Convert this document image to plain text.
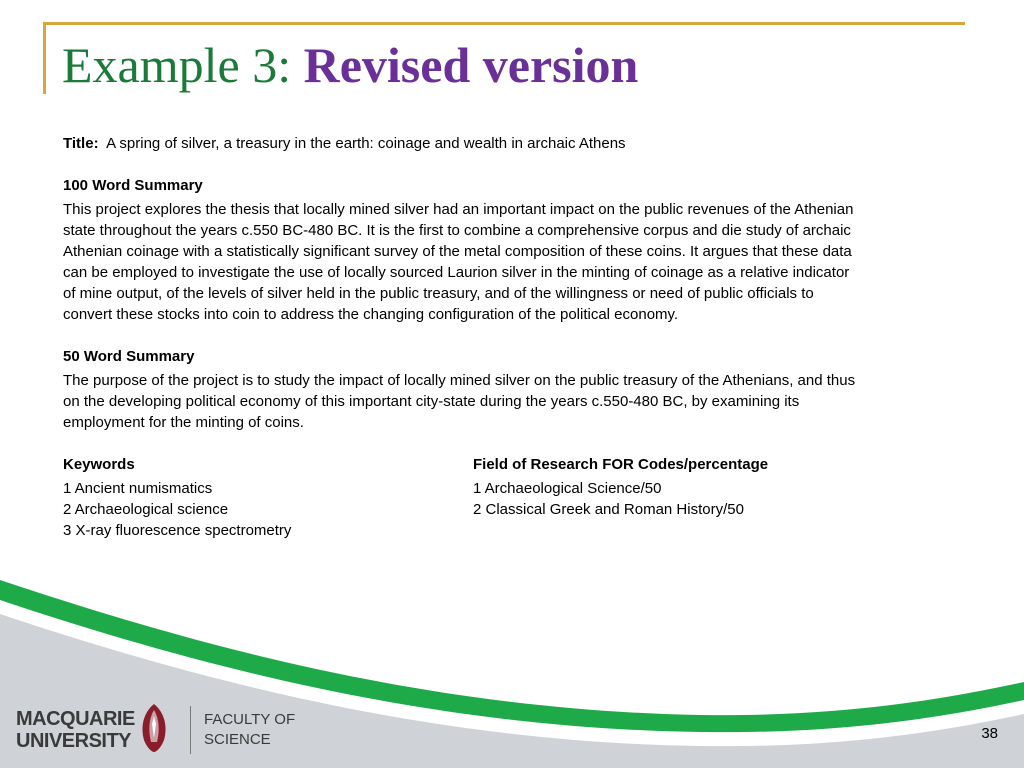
Example 3: Revised version

Title: A spring of silver, a treasury in the earth: coinage and wealth in archaic Athens

100 Word Summary

This project explores the thesis that locally mined silver had an important impact on the public revenues of the Athenian

state throughout the years c.550 BC-480 BC. It is the first to combine a comprehensive corpus and die study of archaic

Athenian coinage with a statistically significant survey of the metal composition of these coins. It argues that these data

can be employed to investigate the use of locally sourced Laurion silver in the minting of coinage as a relative indicator

of mine output, of the levels of silver held in the public treasury, and of the willingness or need of public officials to

convert these stocks into coin to address the changing configuration of the political economy.

50 Word Summary

The purpose of the project is to study the impact of locally mined silver on the public treasury of the Athenians, and thus

on the developing political economy of this important city-state during the years c.550-480 BC, by examining its

employment for the minting of coins.

Keywords

1 Ancient numismatics

2 Archaeological science

3 X-ray fluorescence spectrometry

Field of Research FOR Codes/percentage

1 Archaeological Science/50

2 Classical Greek and Roman History/50

MACQUARIE
UNIVERSITY
FACULTY OF
SCIENCE	38
